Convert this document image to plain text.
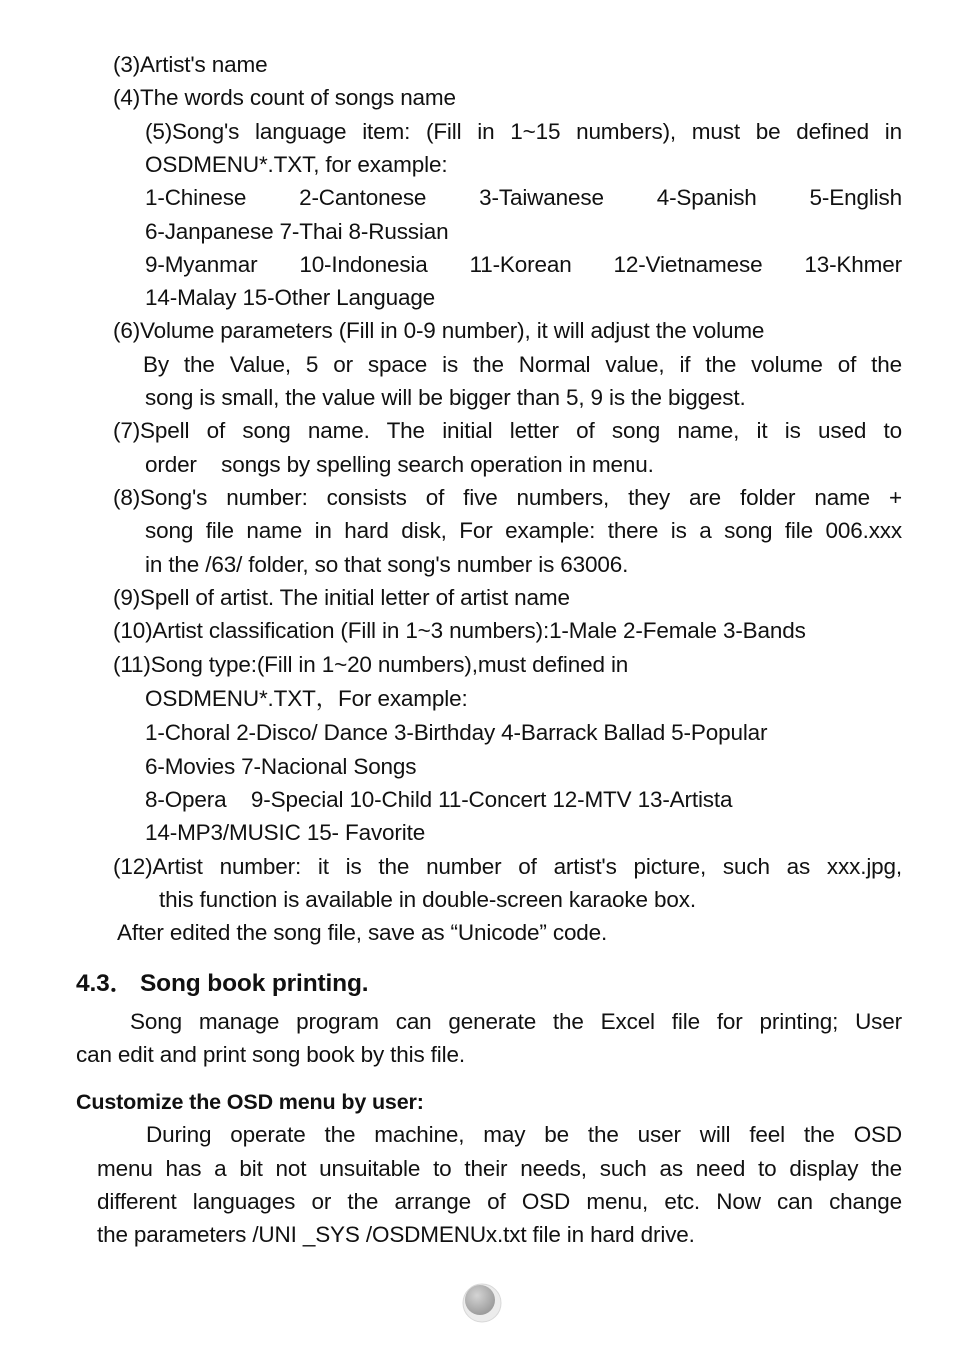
(3)Artist's name
(4)The words count of songs name
(5)Song's language item: (Fill in 1~15 numbers), must be defined in
OSDMENU*.TXT, for example:
1-Chinese 2-Cantonese 3-Taiwanese 4-Spanish 5-English
6-Janpanese 7-Thai 8-Russian
9-Myanmar 10-Indonesia 11-Korean 12-Vietnamese 13-Khmer
14-Malay 15-Other Language
(6)Volume parameters (Fill in 0-9 number), it will adjust the volume
By the Value, 5 or space is the Normal value, if the volume of the
song is small, the value will be bigger than 5, 9 is the biggest.
(7)Spell of song name. The initial letter of song name, it is used to
order    songs by spelling search operation in menu.
(8)Song's number: consists of five numbers, they are folder name +
song file name in hard disk, For example: there is a song file 006.xxx
in the /63/ folder, so that song's number is 63006.
(9)Spell of artist. The initial letter of artist name
(10)Artist classification (Fill in 1~3 numbers):1-Male 2-Female 3-Bands
(11)Song type:(Fill in 1~20 numbers),must defined in
OSDMENU*.TXT，For example:
1-Choral 2-Disco/ Dance 3-Birthday 4-Barrack Ballad 5-Popular
6-Movies 7-Nacional Songs
8-Opera    9-Special 10-Child 11-Concert 12-MTV 13-Artista
14-MP3/MUSIC 15- Favorite
(12)Artist number: it is the number of artist's picture, such as xxx.jpg,
this function is available in double-screen karaoke box.
After edited the song file, save as “Unicode” code.
4.3． Song book printing.
Song manage program can generate the Excel file for printing; User
can edit and print song book by this file.
Customize the OSD menu by user:
During operate the machine, may be the user will feel the OSD
menu has a bit not unsuitable to their needs, such as need to display the
different languages or the arrange of OSD menu, etc. Now can change
the parameters /UNI _SYS /OSDMENUx.txt file in hard drive.
